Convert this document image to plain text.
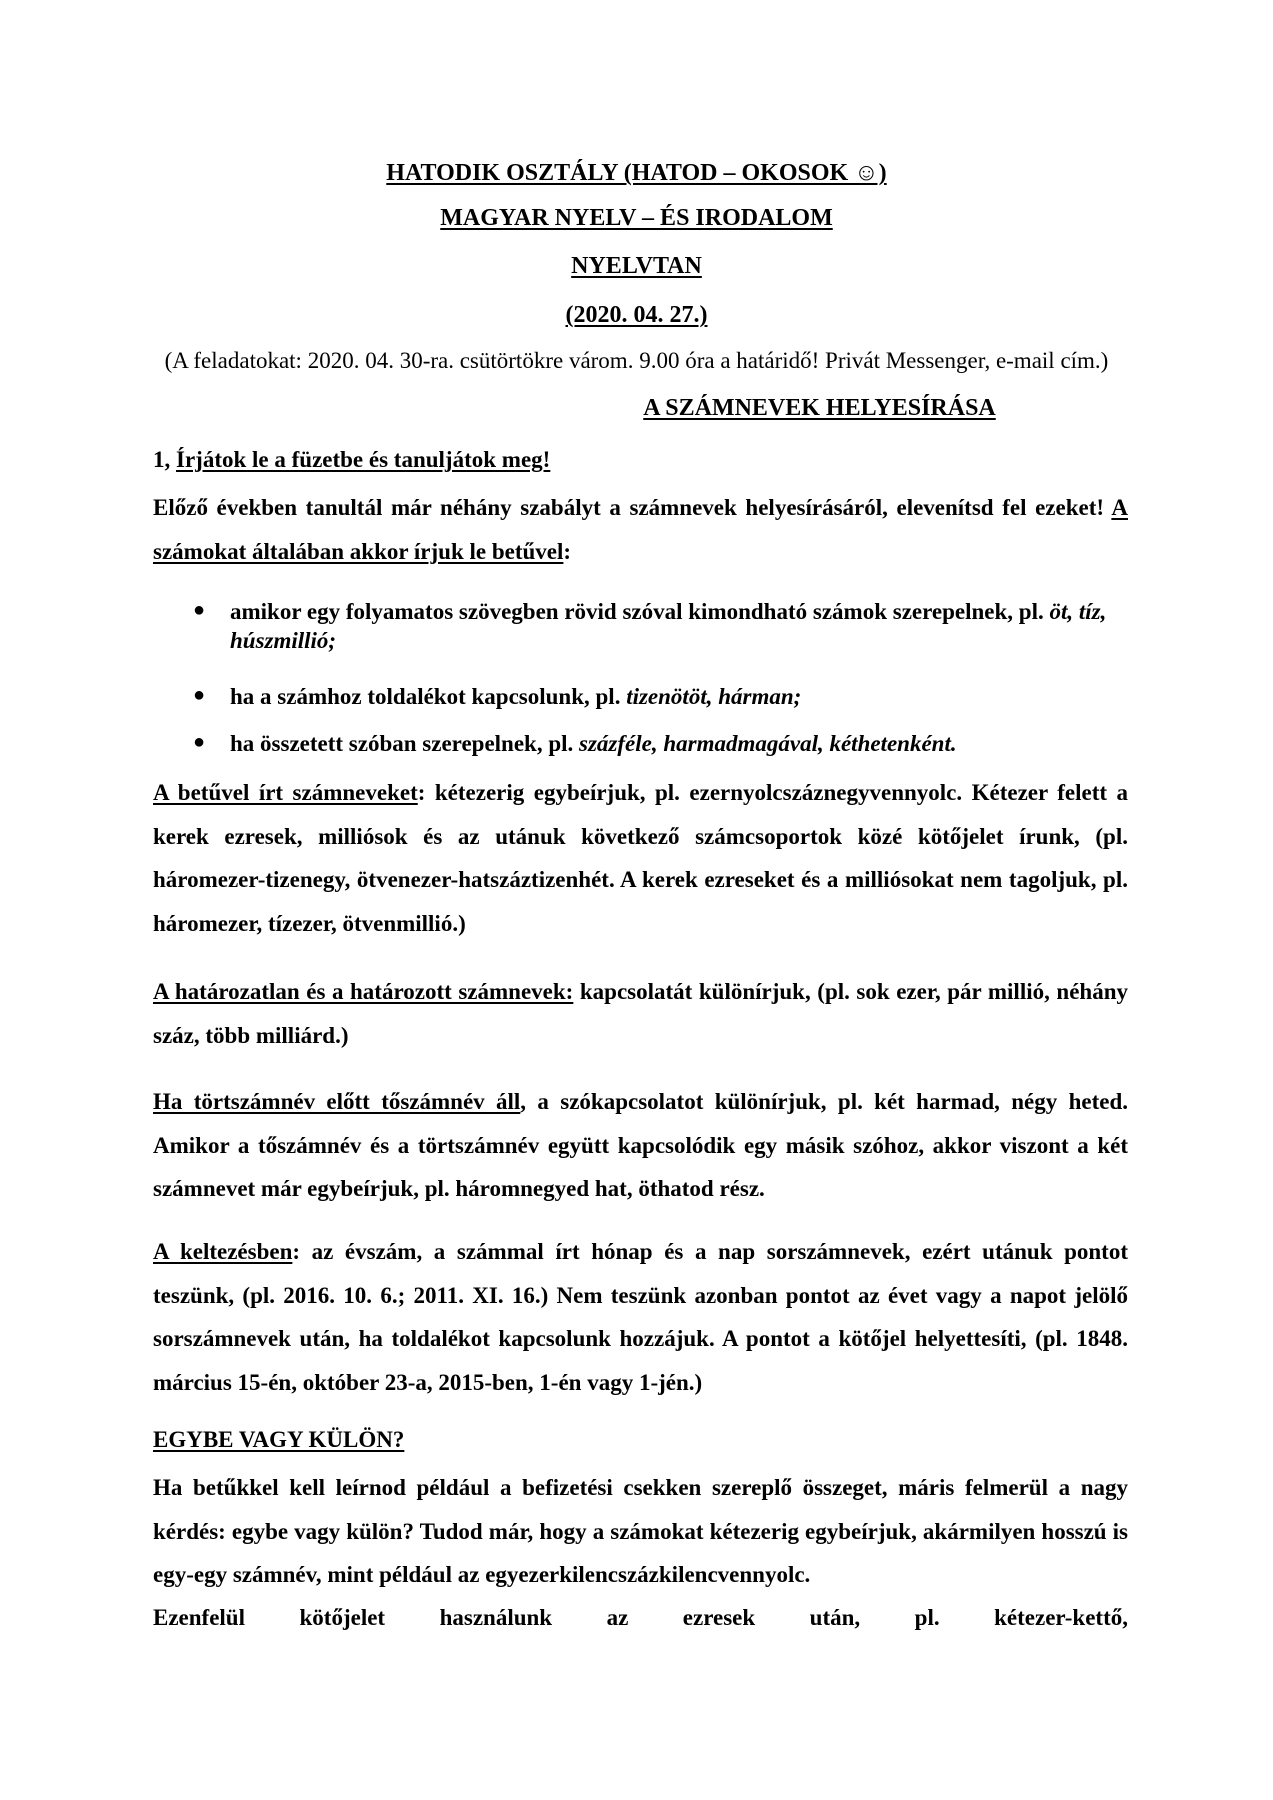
HATODIK OSZTÁLY (HATOD – OKOSOK ☺)
MAGYAR NYELV – ÉS IRODALOM
NYELVTAN
(2020. 04. 27.)
(A feladatokat: 2020. 04. 30-ra. csütörtökre várom. 9.00 óra a határidő! Privát Messenger, e-mail cím.)
A SZÁMNEVEK HELYESÍRÁSA
1, Írjátok le a füzetbe és tanuljátok meg!
Előző években tanultál már néhány szabályt a számnevek helyesírásáról, elevenítsd fel ezeket! A számokat általában akkor írjuk le betűvel:
● amikor egy folyamatos szövegben rövid szóval kimondható számok szerepelnek, pl. öt, tíz, húszmillió;
● ha a számhoz toldalékot kapcsolunk, pl. tizenötöt, hárman;
● ha összetett szóban szerepelnek, pl. százféle, harmadmagával, kéthetenként.
A betűvel írt számneveket: kétezerig egybeírjuk, pl. ezernyolcszáznegyvennyolc. Kétezer felett a kerek ezresek, milliósok és az utánuk következő számcsoportok közé kötőjelet írunk, (pl. háromezer-tizenegy, ötvenezer-hatszáztizenhét. A kerek ezreseket és a milliósokat nem tagoljuk, pl. háromezer, tízezer, ötvenmillió.)
A határozatlan és a határozott számnevek: kapcsolatát különírjuk, (pl. sok ezer, pár millió, néhány száz, több milliárd.)
Ha törtszámnév előtt tőszámnév áll, a szókapcsolatot különírjuk, pl. két harmad, négy heted. Amikor a tőszámnév és a törtszámnév együtt kapcsolódik egy másik szóhoz, akkor viszont a két számnevet már egybeírjuk, pl. háromnegyed hat, öthatod rész.
A keltezésben: az évszám, a számmal írt hónap és a nap sorszámnevek, ezért utánuk pontot teszünk, (pl. 2016. 10. 6.; 2011. XI. 16.) Nem teszünk azonban pontot az évet vagy a napot jelölő sorszámnevek után, ha toldalékot kapcsolunk hozzájuk. A pontot a kötőjel helyettesíti, (pl. 1848. március 15-én, október 23-a, 2015-ben, 1-én vagy 1-jén.)
EGYBE VAGY KÜLÖN?
Ha betűkkel kell leírnod például a befizetési csekken szereplő összeget, máris felmerül a nagy kérdés: egybe vagy külön? Tudod már, hogy a számokat kétezerig egybeírjuk, akármilyen hosszú is egy-egy számnév, mint például az egyezerkilencszázkilencvennyolc.
Ezenfelül kötőjelet használunk az ezresek után, pl. kétezer-kettő,
